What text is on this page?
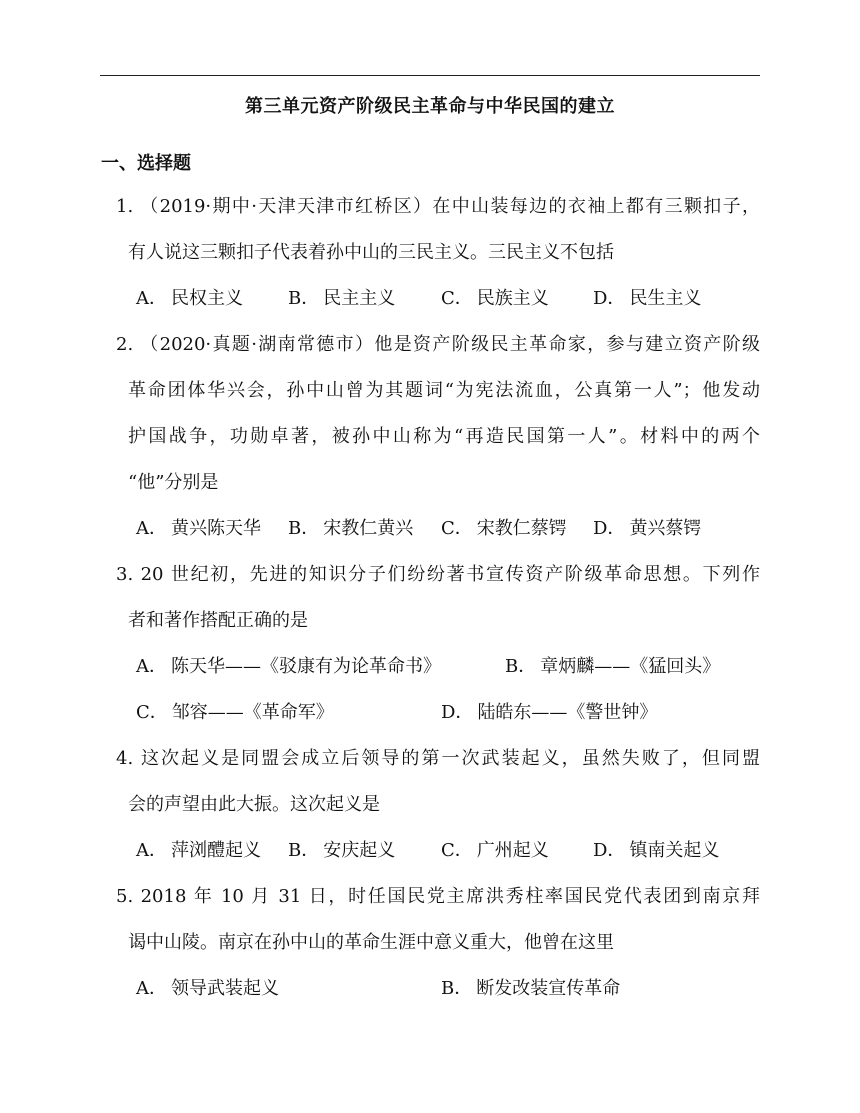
第三单元资产阶级民主革命与中华民国的建立
一、选择题
1. （2019·期中·天津天津市红桥区）在中山装每边的衣袖上都有三颗扣子，
有人说这三颗扣子代表着孙中山的三民主义。三民主义不包括
A． 民权主义	B． 民主主义	C． 民族主义 D． 民生主义
2. （2020·真题·湖南常德市）他是资产阶级民主革命家，参与建立资产阶级
革命团体华兴会，孙中山曾为其题词“为宪法流血，公真第一人”；他发动
护国战争，功勋卓著，被孙中山称为“再造民国第一人”。材料中的两个
“他”分别是
A． 黄兴陈天华 B． 宋教仁黄兴 C． 宋教仁蔡锷 D． 黄兴蔡锷
3. 20 世纪初，先进的知识分子们纷纷著书宣传资产阶级革命思想。下列作
者和著作搭配正确的是
A． 陈天华——《驳康有为论革命书》	B． 章炳麟——《猛回头》
C． 邹容——《革命军》	D． 陆皓东——《警世钟》
4. 这次起义是同盟会成立后领导的第一次武装起义，虽然失败了，但同盟
会的声望由此大振。这次起义是
A． 萍浏醴起义 B． 安庆起义	C． 广州起义 D． 镇南关起义
5. 2018 年 10 月 31 日，时任国民党主席洪秀柱率国民党代表团到南京拜
谒中山陵。南京在孙中山的革命生涯中意义重大，他曾在这里
A． 领导武装起义	B． 断发改装宣传革命
